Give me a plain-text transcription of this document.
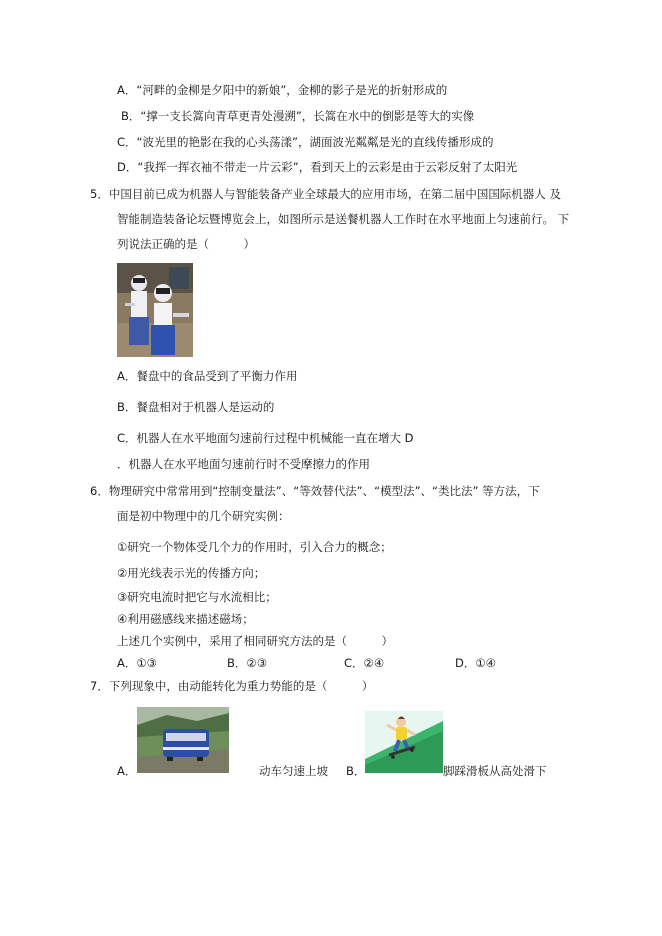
A．“河畔的金柳是夕阳中的新娘”，金柳的影子是光的折射形成的
B．“撑一支长篙向青草更青处漫溯”，长篙在水中的倒影是等大的实像
C．“波光里的艳影在我的心头荡漾”，湖面波光粼粼是光的直线传播形成的
D．“我挥一挥衣袖不带走一片云彩”，看到天上的云彩是由于云彩反射了太阳光
5．中国目前已成为机器人与智能装备产业全球最大的应用市场，在第二届中国国际机器人 及
智能制造装备论坛暨博览会上，如图所示是送餐机器人工作时在水平地面上匀速前行。 下
列说法正确的是（　　　）
A．餐盘中的食品受到了平衡力作用
B．餐盘相对于机器人是运动的
C．机器人在水平地面匀速前行过程中机械能一直在增大 D
．机器人在水平地面匀速前行时不受摩擦力的作用
6．物理研究中常常用到“控制变量法”、“等效替代法”、“模型法”、“类比法” 等方法，下
面是初中物理中的几个研究实例：
①研究一个物体受几个力的作用时，引入合力的概念；
②用光线表示光的传播方向；
③研究电流时把它与水流相比；
④利用磁感线来描述磁场；
上述几个实例中，采用了相同研究方法的是（　　　）
A．①③	B．②③	C．②④	D．①④
7．下列现象中，由动能转化为重力势能的是（　　　）
A．	动车匀速上坡 B．	脚踩滑板从高处滑下
